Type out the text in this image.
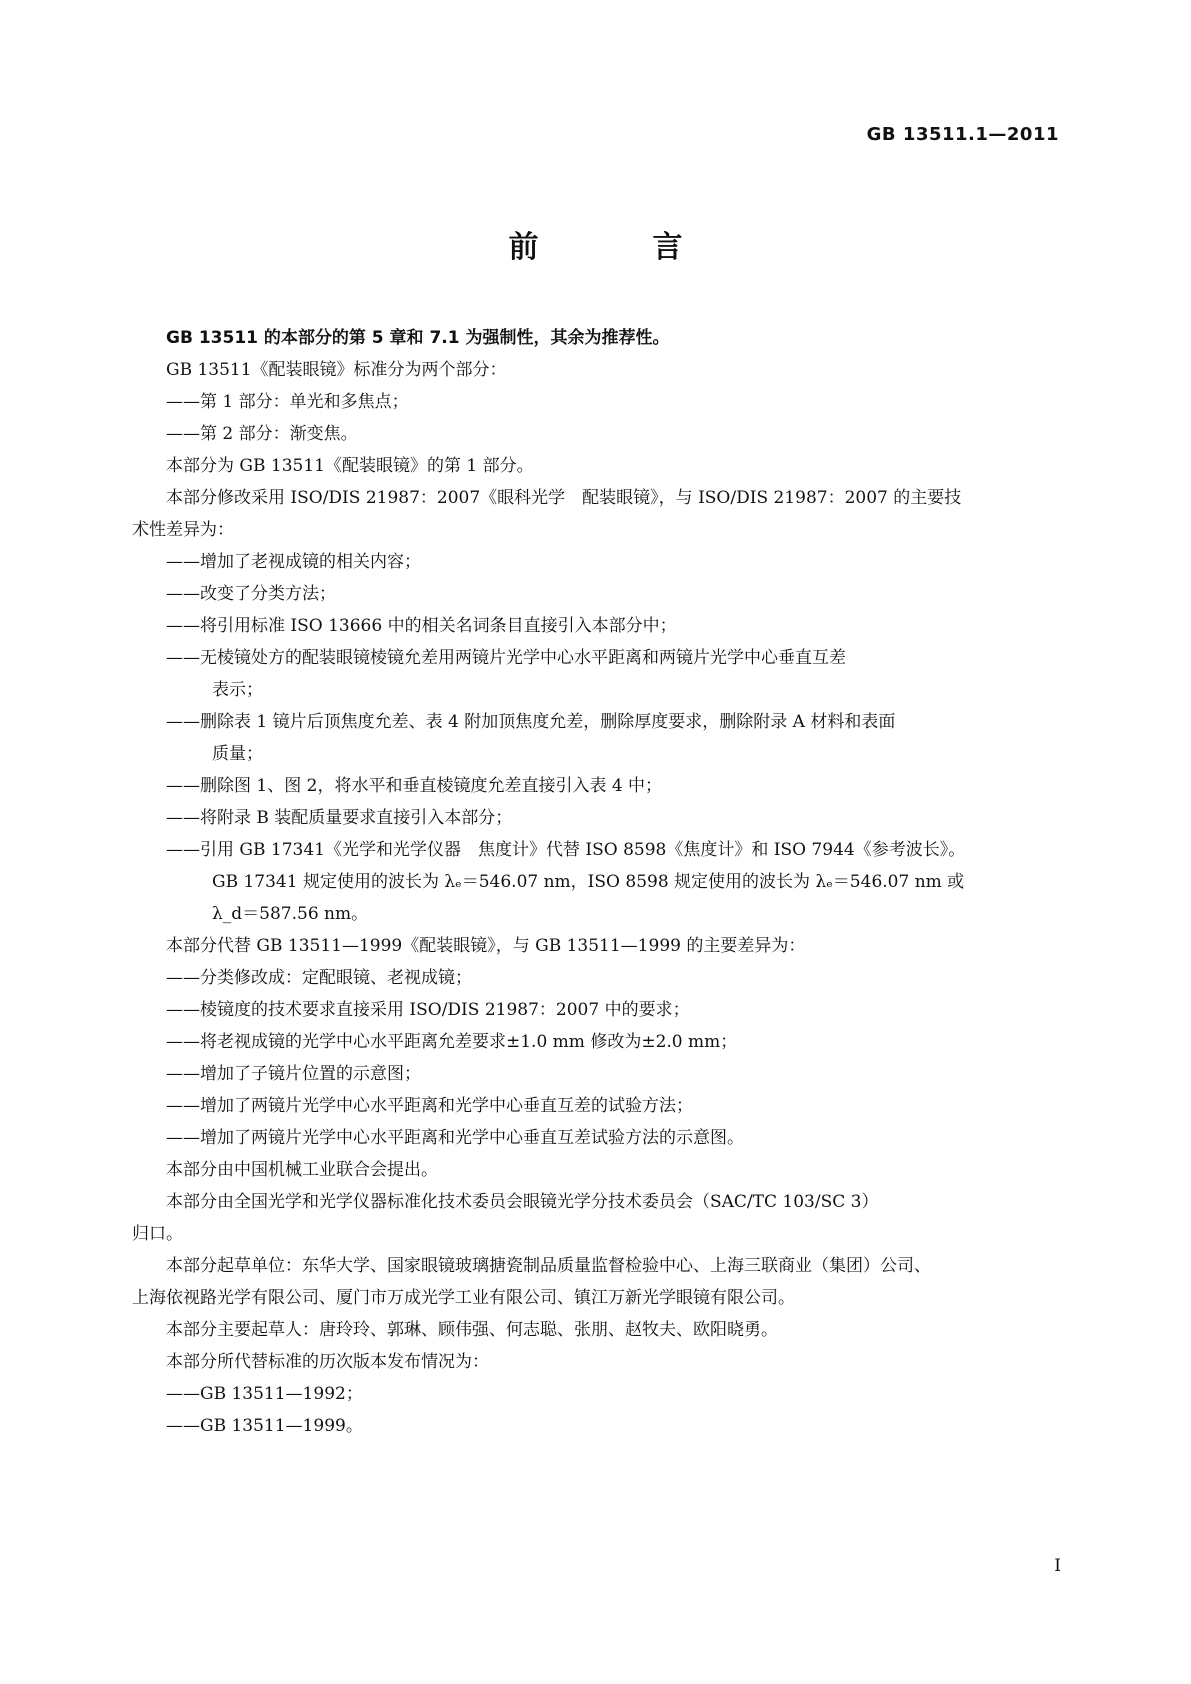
GB 13511.1—2011
前　言
GB 13511 的本部分的第 5 章和 7.1 为强制性，其余为推荐性。
GB 13511《配装眼镜》标准分为两个部分：
——第 1 部分：单光和多焦点；
——第 2 部分：渐变焦。
本部分为 GB 13511《配装眼镜》的第 1 部分。
本部分修改采用 ISO/DIS 21987：2007《眼科光学　配装眼镜》，与 ISO/DIS 21987：2007 的主要技
术性差异为：
——增加了老视成镜的相关内容；
——改变了分类方法；
——将引用标准 ISO 13666 中的相关名词条目直接引入本部分中；
——无棱镜处方的配装眼镜棱镜允差用两镜片光学中心水平距离和两镜片光学中心垂直互差
表示；
——删除表 1 镜片后顶焦度允差、表 4 附加顶焦度允差，删除厚度要求，删除附录 A 材料和表面
质量；
——删除图 1、图 2，将水平和垂直棱镜度允差直接引入表 4 中；
——将附录 B 装配质量要求直接引入本部分；
——引用 GB 17341《光学和光学仪器　焦度计》代替 ISO 8598《焦度计》和 ISO 7944《参考波长》。
GB 17341 规定使用的波长为 λₑ＝546.07 nm，ISO 8598 规定使用的波长为 λₑ＝546.07 nm 或
λ_d＝587.56 nm。
本部分代替 GB 13511—1999《配装眼镜》，与 GB 13511—1999 的主要差异为：
——分类修改成：定配眼镜、老视成镜；
——棱镜度的技术要求直接采用 ISO/DIS 21987：2007 中的要求；
——将老视成镜的光学中心水平距离允差要求±1.0 mm 修改为±2.0 mm；
——增加了子镜片位置的示意图；
——增加了两镜片光学中心水平距离和光学中心垂直互差的试验方法；
——增加了两镜片光学中心水平距离和光学中心垂直互差试验方法的示意图。
本部分由中国机械工业联合会提出。
本部分由全国光学和光学仪器标准化技术委员会眼镜光学分技术委员会（SAC/TC 103/SC 3）
归口。
本部分起草单位：东华大学、国家眼镜玻璃搪瓷制品质量监督检验中心、上海三联商业（集团）公司、
上海依视路光学有限公司、厦门市万成光学工业有限公司、镇江万新光学眼镜有限公司。
本部分主要起草人：唐玲玲、郭琳、顾伟强、何志聪、张朋、赵牧夫、欧阳晓勇。
本部分所代替标准的历次版本发布情况为：
——GB 13511—1992；
——GB 13511—1999。
I
